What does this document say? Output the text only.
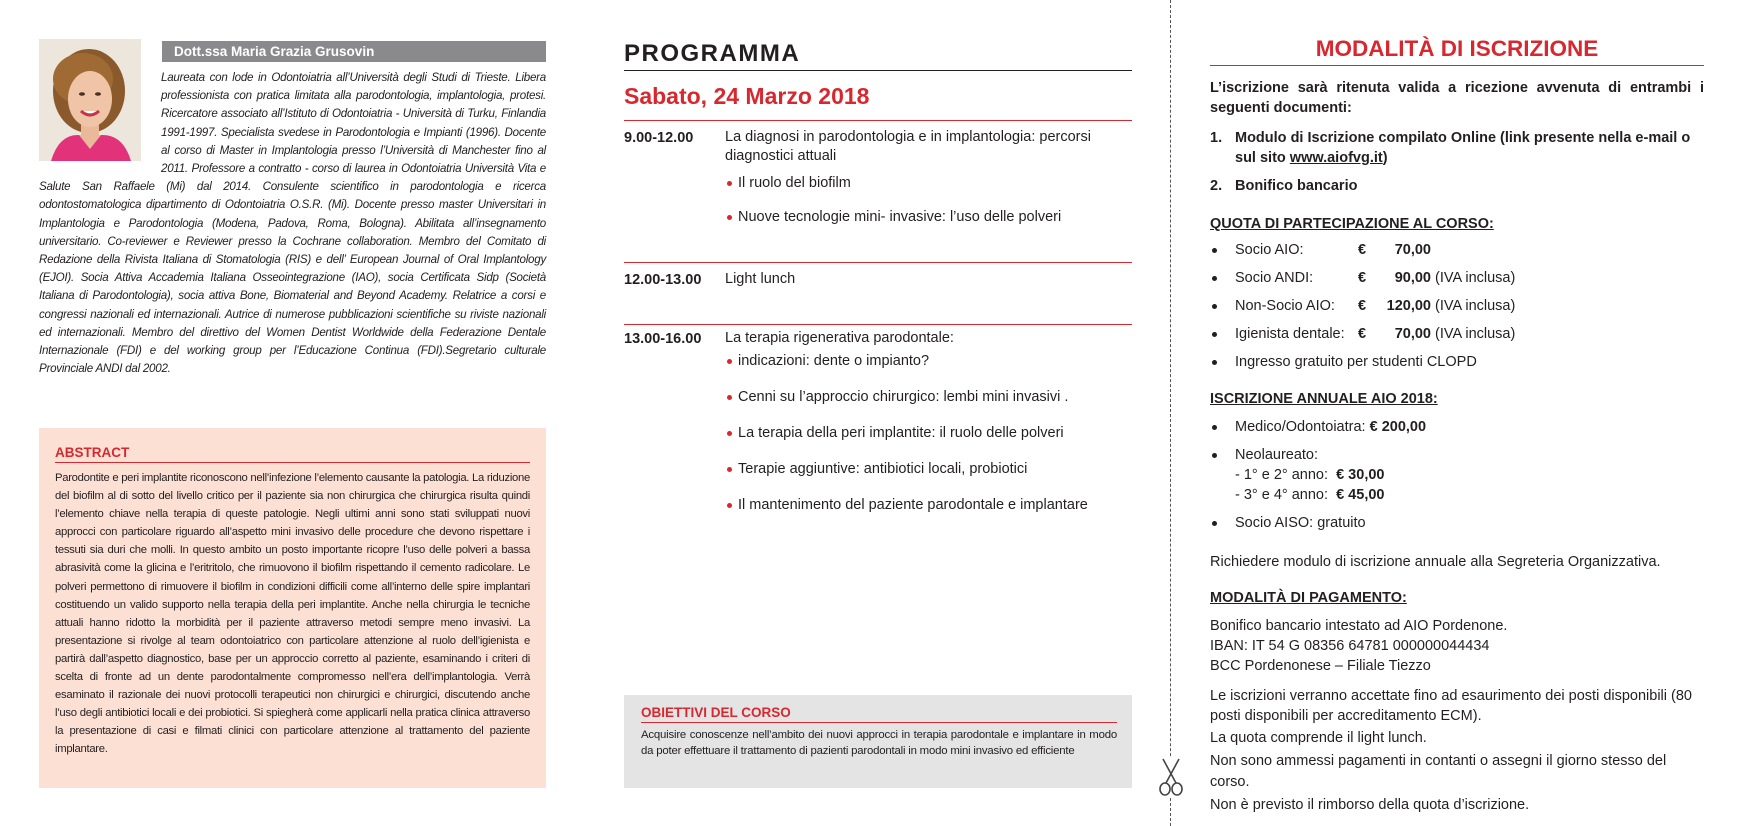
Dott.ssa Maria Grazia Grusovin
Laureata con lode in Odontoiatria all’Università degli Studi di Trieste. Libera professionista con pratica limitata alla parodontologia, implantologia, protesi. Ricercatore associato all’Istituto di Odontoiatria - Università di Turku, Finlandia 1991-1997. Specialista svedese in Parodontologia e Impianti (1996). Docente al corso di Master in Implantologia presso l’Università di Manchester fino al 2011. Professore a contratto - corso di laurea in Odontoiatria Università Vita e Salute San Raffaele (Mi) dal 2014. Consulente scientifico in parodontologia e ricerca odontostomatologica dipartimento di Odontoiatria O.S.R. (Mi). Docente presso master Universitari in Implantologia e Parodontologia (Modena, Padova, Roma, Bologna). Abilitata all’insegnamento universitario. Co-reviewer e Reviewer presso la Cochrane collaboration. Membro del Comitato di Redazione della Rivista Italiana di Stomatologia (RIS) e dell’ European Journal of Oral Implantology (EJOI). Socia Attiva Accademia Italiana Osseointegrazione (IAO), socia Certificata Sidp (Società Italiana di Parodontologia), socia attiva Bone, Biomaterial and Beyond Academy. Relatrice a corsi e congressi nazionali ed internazionali. Autrice di numerose pubblicazioni scientifiche su riviste nazionali ed internazionali. Membro del direttivo del Women Dentist Worldwide della Federazione Dentale Internazionale (FDI) e del working group per l’Educazione Continua (FDI).Segretario culturale Provinciale ANDI dal 2002.
ABSTRACT

Parodontite e peri implantite riconoscono nell’infezione l’elemento causante la patologia. La riduzione del biofilm al di sotto del livello critico per il paziente sia non chirurgica che chirurgica risulta quindi l’elemento chiave nella terapia di queste patologie. Negli ultimi anni sono stati sviluppati nuovi approcci con particolare riguardo all’aspetto mini invasivo delle procedure che devono rispettare i tessuti sia duri che molli. In questo ambito un posto importante ricopre l’uso delle polveri a bassa abrasività come la glicina e l’eritritolo, che rimuovono il biofilm rispettando il cemento radicolare. Le polveri permettono di rimuovere il biofilm in condizioni difficili come all’interno delle spire implantari costituendo un valido supporto nella terapia della peri implantite. Anche nella chirurgia le tecniche attuali hanno ridotto la morbidità per il paziente attraverso metodi sempre meno invasivi. La presentazione si rivolge al team odontoiatrico con particolare attenzione al ruolo dell’igienista e partirà dall’aspetto diagnostico, base per un approccio corretto al paziente, esaminando i criteri di scelta di fronte ad un dente parodontalmente compromesso nell’era dell’implantologia. Verrà esaminato il razionale dei nuovi protocolli terapeutici non chirurgici e chirurgici, discutendo anche l’uso degli antibiotici locali e dei probiotici. Si spiegherà come applicarli nella pratica clinica attraverso la presentazione di casi e filmati clinici con particolare attenzione al trattamento del paziente implantare.

PROGRAMMA
Sabato, 24 Marzo 2018
9.00-12.00 La diagnosi in parodontologia e in implantologia: percorsi diagnostici attuali
Il ruolo del biofilm
Nuove tecnologie mini- invasive: l’uso delle polveri
12.00-13.00 Light lunch
13.00-16.00 La terapia rigenerativa parodontale:
indicazioni: dente o impianto?
Cenni su l’approccio chirurgico: lembi mini invasivi .
La terapia della peri implantite: il ruolo delle polveri
Terapie aggiuntive: antibiotici locali, probiotici
Il mantenimento del paziente parodontale e implantare
OBIETTIVI DEL CORSO

Acquisire conoscenze nell’ambito dei nuovi approcci in terapia parodontale e implantare in modo da poter effettuare il trattamento di pazienti parodontali in modo mini invasivo ed efficiente

MODALITÀ DI ISCRIZIONE
L’iscrizione sarà ritenuta valida a ricezione avvenuta di entrambi i seguenti documenti:
1. Modulo di Iscrizione compilato Online (link presente nella e-mail o sul sito www.aiofvg.it)
2. Bonifico bancario
QUOTA DI PARTECIPAZIONE AL CORSO:
Socio AIO:	€	70,00
Socio ANDI:	€	90,00 (IVA inclusa)
Non-Socio AIO:	€	120,00 (IVA inclusa)
Igienista dentale: €	70,00 (IVA inclusa)
Ingresso gratuito per studenti CLOPD
ISCRIZIONE ANNUALE AIO 2018:
Medico/Odontoiatra: € 200,00
Neolaureato:
- 1° e 2° anno: € 30,00
- 3° e 4° anno: € 45,00
Socio AISO: gratuito
Richiedere modulo di iscrizione annuale alla Segreteria Organizzativa.
MODALITÀ DI PAGAMENTO:
Bonifico bancario intestato ad AIO Pordenone.
IBAN: IT 54 G 08356 64781 000000044434
BCC Pordenonese – Filiale Tiezzo
Le iscrizioni verranno accettate fino ad esaurimento dei posti disponibili (80 posti disponibili per accreditamento ECM).
La quota comprende il light lunch.
Non sono ammessi pagamenti in contanti o assegni il giorno stesso del corso.
Non è previsto il rimborso della quota d’iscrizione.
